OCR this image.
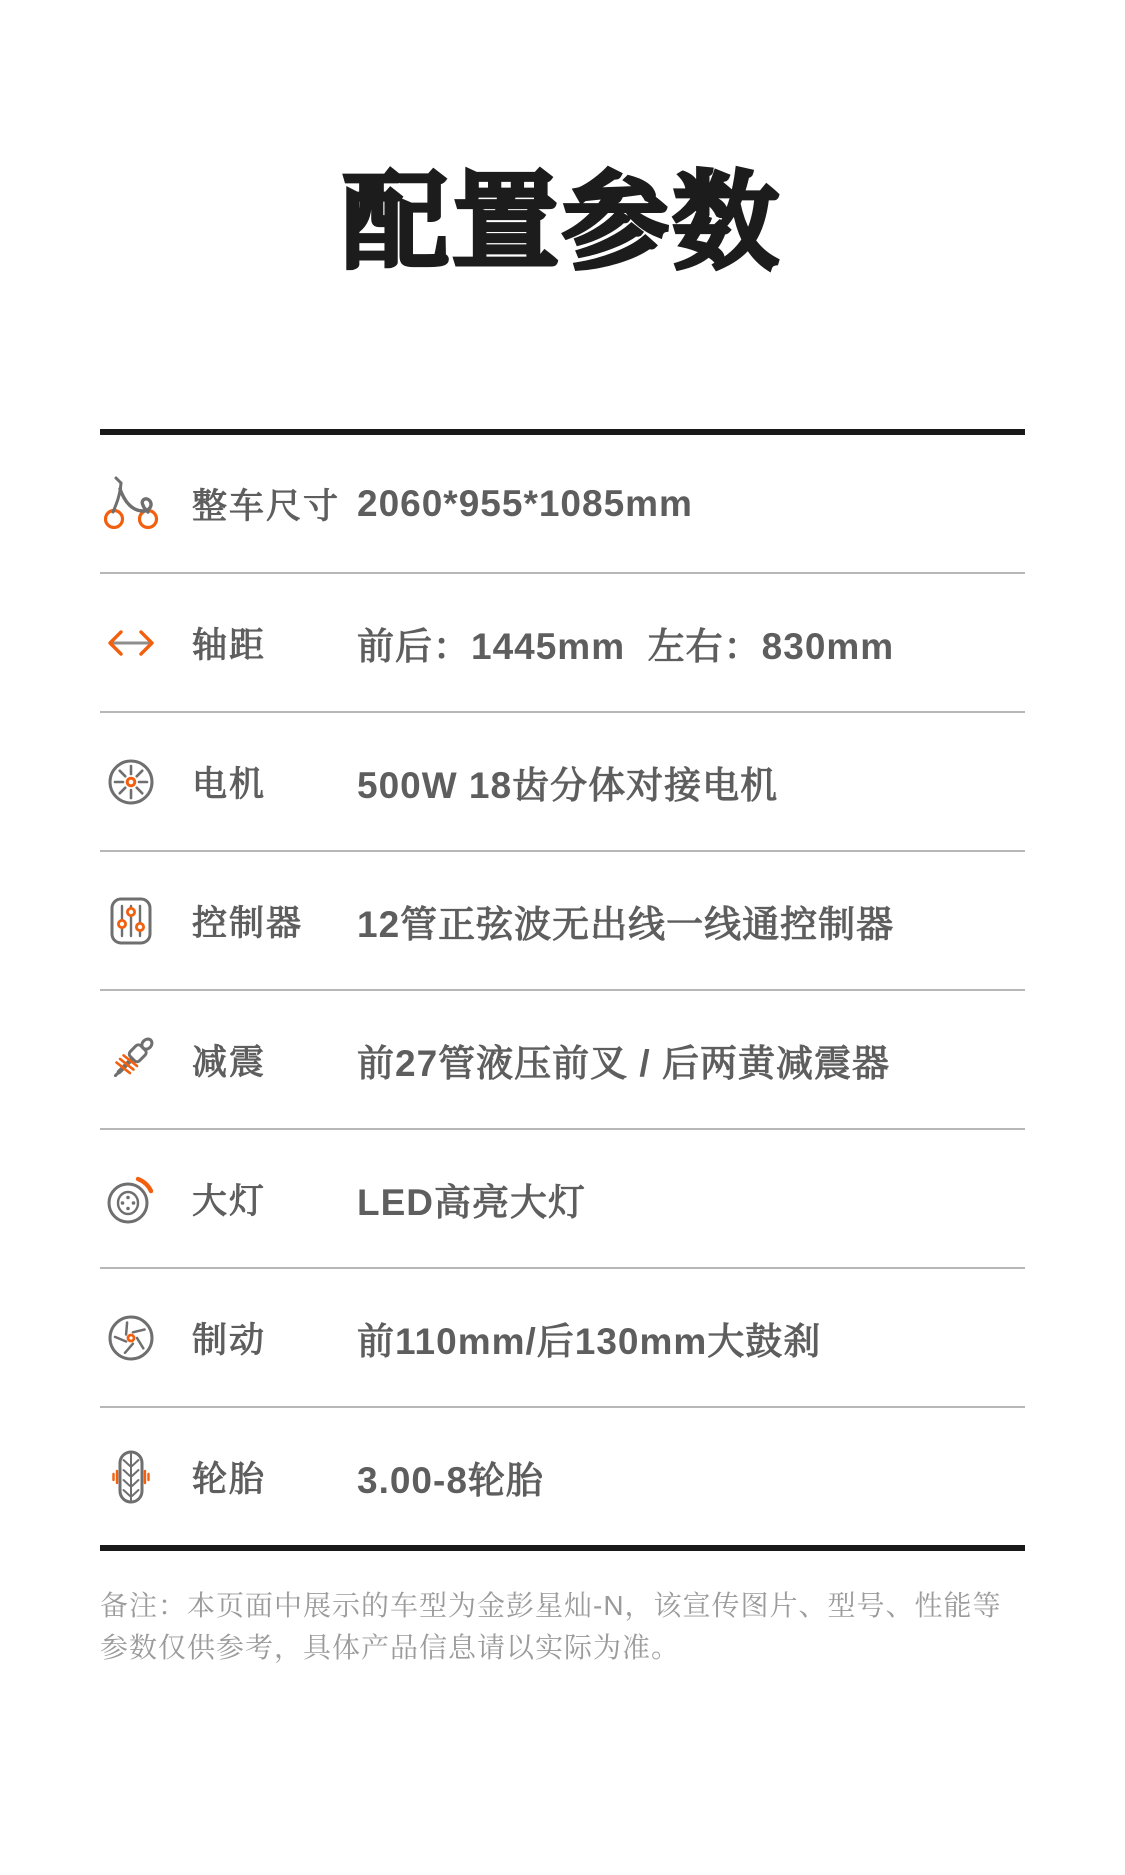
配置参数
整车尺寸 2060*955*1085mm
轴距	前后：1445mm  左右：830mm
电机	500W 18齿分体对接电机
控制器	12管正弦波无出线一线通控制器
减震	前27管液压前叉 / 后两黄减震器
大灯	LED高亮大灯
制动	前110mm/后130mm大鼓刹
轮胎	3.00-8轮胎
备注：本页面中展示的车型为金彭星灿-N，该宣传图片、型号、性能等参数仅供参考，具体产品信息请以实际为准。
